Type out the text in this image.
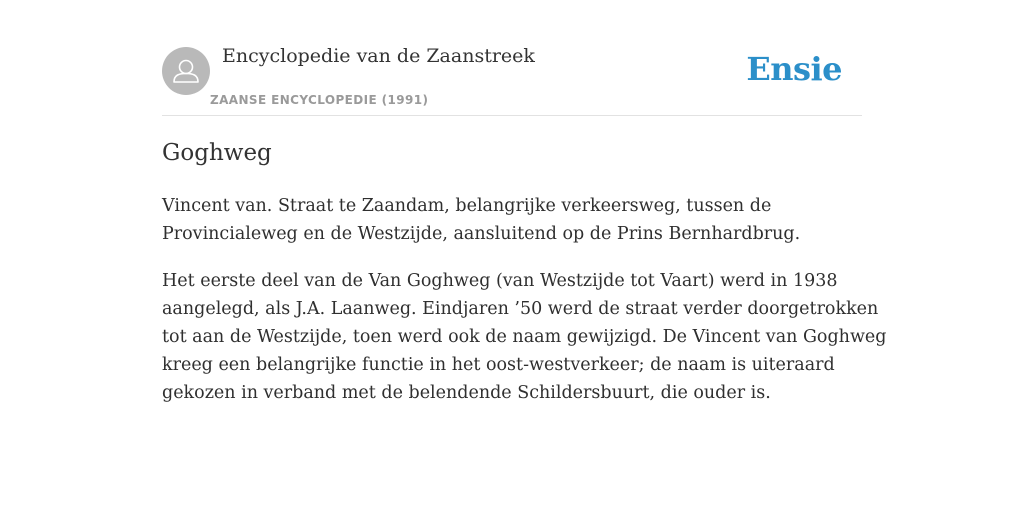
Encyclopedie van de Zaanstreek
ZAANSE ENCYCLOPEDIE (1991)
Ensie
Goghweg

Vincent van. Straat te Zaandam, belangrijke verkeersweg, tussen de
Provincialeweg en de Westzijde, aansluitend op de Prins Bernhardbrug.

Het eerste deel van de Van Goghweg (van Westzijde tot Vaart) werd in 1938
aangelegd, als J.A. Laanweg. Eindjaren ’50 werd de straat verder doorgetrokken
tot aan de Westzijde, toen werd ook de naam gewijzigd. De Vincent van Goghweg
kreeg een belangrijke functie in het oost-westverkeer; de naam is uiteraard
gekozen in verband met de belendende Schildersbuurt, die ouder is.
